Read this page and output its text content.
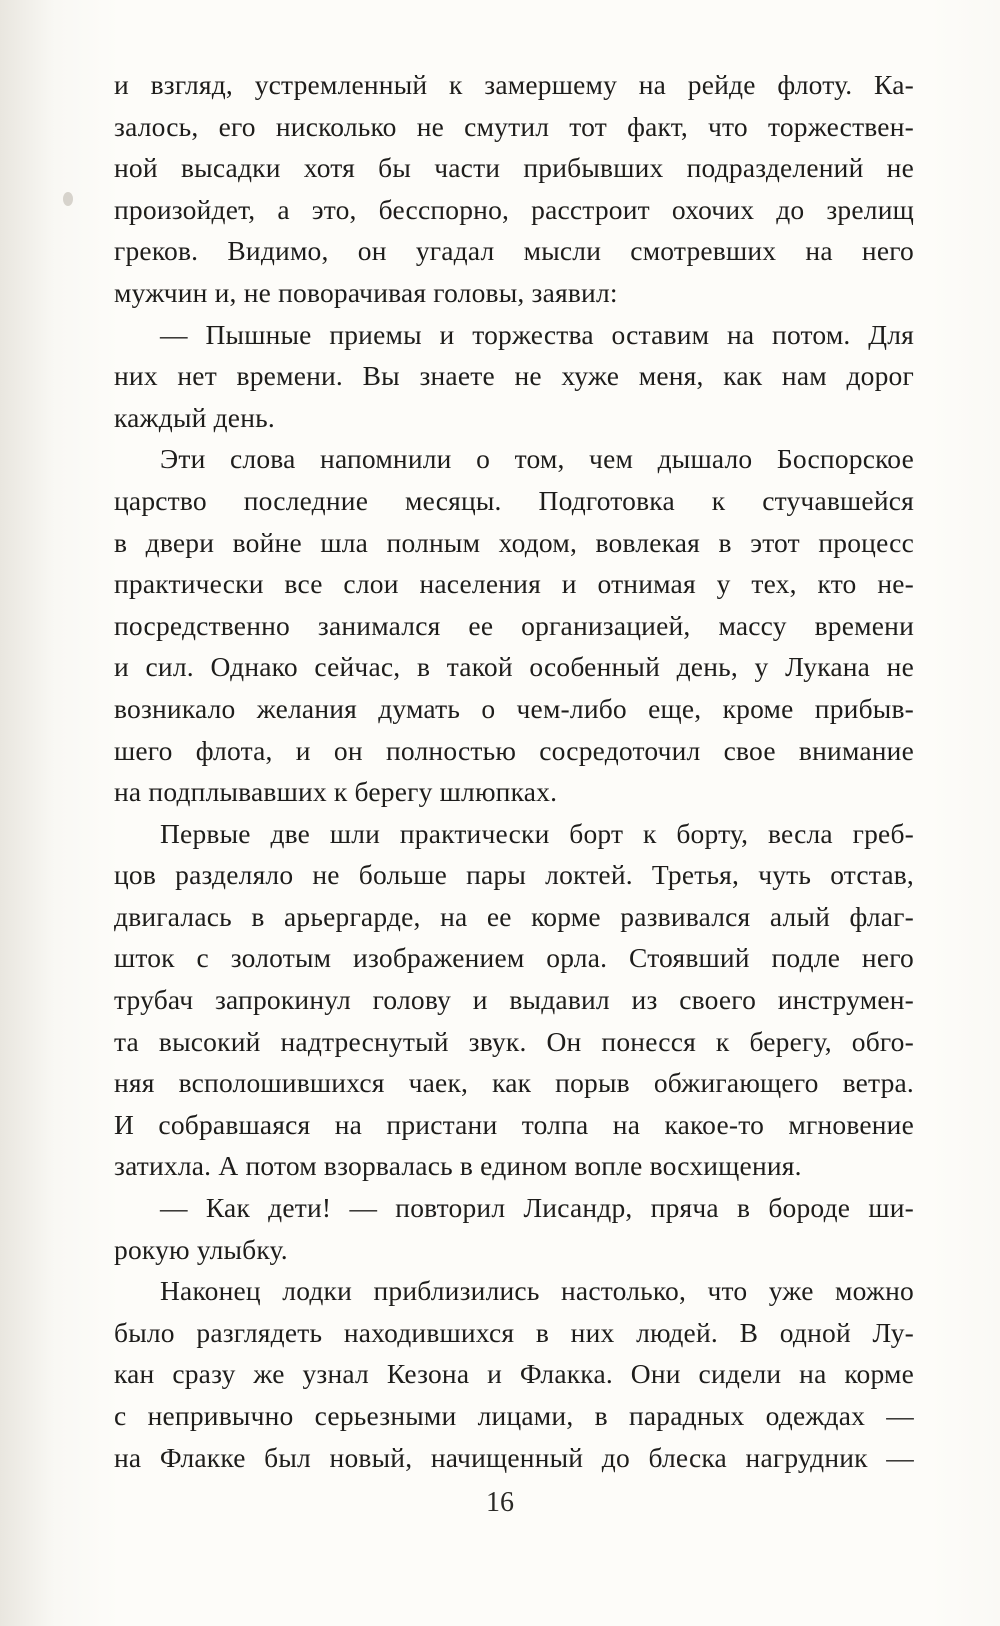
и взгляд, устремленный к замершему на рейде флоту. Ка-
залось, его нисколько не смутил тот факт, что торжествен-
ной высадки хотя бы части прибывших подразделений не
произойдет, а это, бесспорно, расстроит охочих до зрелищ
греков. Видимо, он угадал мысли смотревших на него
мужчин и, не поворачивая головы, заявил:
— Пышные приемы и торжества оставим на потом. Для
них нет времени. Вы знаете не хуже меня, как нам дорог
каждый день.
Эти слова напомнили о том, чем дышало Боспорское
царство последние месяцы. Подготовка к стучавшейся
в двери войне шла полным ходом, вовлекая в этот процесс
практически все слои населения и отнимая у тех, кто не-
посредственно занимался ее организацией, массу времени
и сил. Однако сейчас, в такой особенный день, у Лукана не
возникало желания думать о чем-либо еще, кроме прибыв-
шего флота, и он полностью сосредоточил свое внимание
на подплывавших к берегу шлюпках.
Первые две шли практически борт к борту, весла греб-
цов разделяло не больше пары локтей. Третья, чуть отстав,
двигалась в арьергарде, на ее корме развивался алый флаг-
шток с золотым изображением орла. Стоявший подле него
трубач запрокинул голову и выдавил из своего инструмен-
та высокий надтреснутый звук. Он понесся к берегу, обго-
няя всполошившихся чаек, как порыв обжигающего ветра.
И собравшаяся на пристани толпа на какое-то мгновение
затихла. А потом взорвалась в едином вопле восхищения.
— Как дети! — повторил Лисандр, пряча в бороде ши-
рокую улыбку.
Наконец лодки приблизились настолько, что уже можно
было разглядеть находившихся в них людей. В одной Лу-
кан сразу же узнал Кезона и Флакка. Они сидели на корме
с непривычно серьезными лицами, в парадных одеждах —
на Флакке был новый, начищенный до блеска нагрудник —
16
